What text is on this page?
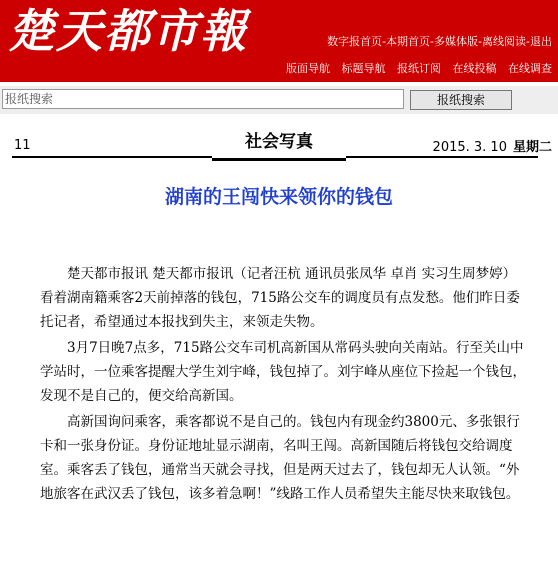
楚天都市報	数字报首页-本期首页-多媒体版-离线阅读-退出
版面导航 标题导航 报纸订阅 在线投稿 在线调查
报纸搜索	报纸搜索
11	社会写真	2015. 3. 10 星期二
湖南的王闯快来领你的钱包

楚天都市报讯 楚天都市报讯（记者汪杭 通讯员张凤华 卓肖 实习生周梦婷）看着湖南籍乘客2天前掉落的钱包，715路公交车的调度员有点发愁。他们昨日委托记者，希望通过本报找到失主，来领走失物。

3月7日晚7点多，715路公交车司机高新国从常码头驶向关南站。行至关山中学站时，一位乘客提醒大学生刘宇峰，钱包掉了。刘宇峰从座位下捡起一个钱包，发现不是自己的，便交给高新国。

高新国询问乘客，乘客都说不是自己的。钱包内有现金约3800元、多张银行卡和一张身份证。身份证地址显示湖南，名叫王闯。高新国随后将钱包交给调度室。乘客丢了钱包，通常当天就会寻找，但是两天过去了，钱包却无人认领。“外地旅客在武汉丢了钱包，该多着急啊！”线路工作人员希望失主能尽快来取钱包。
